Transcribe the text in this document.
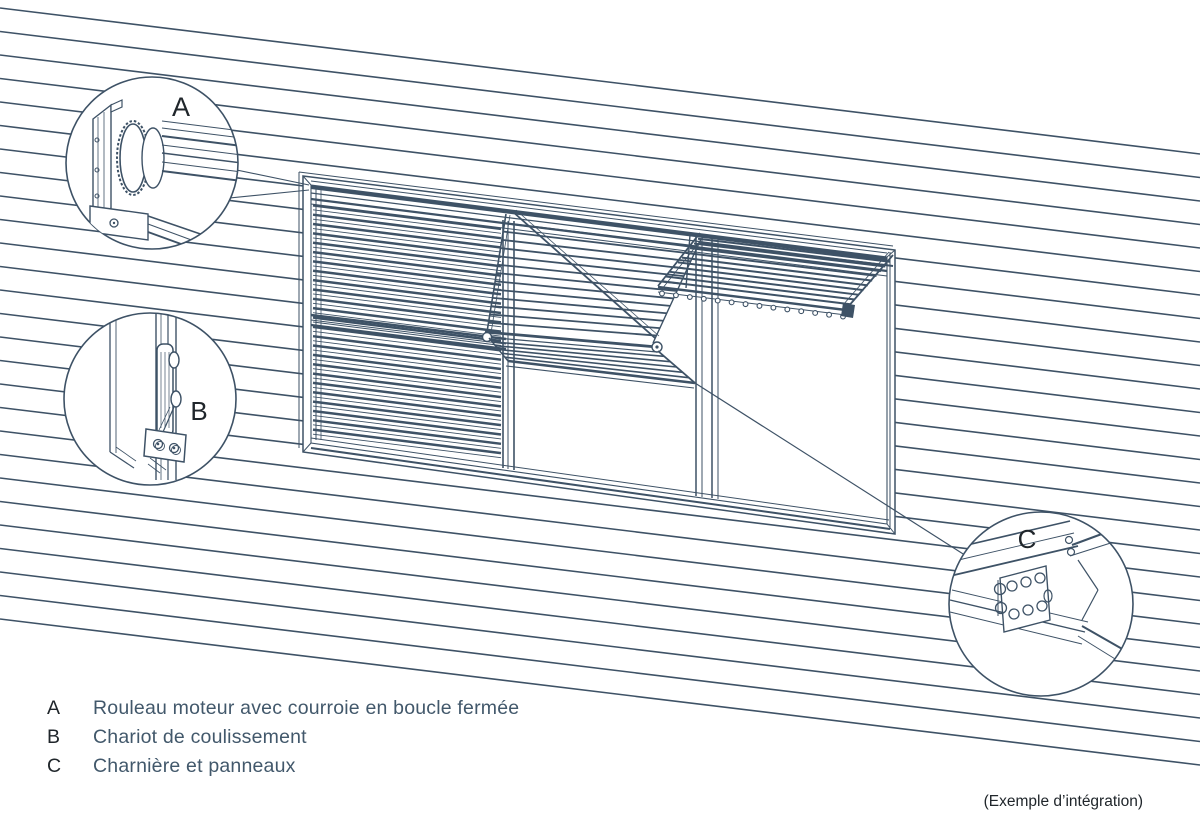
A
B
C
A	Rouleau moteur avec courroie en boucle fermée
B	Chariot de coulissement
C	Charnière et panneaux
(Exemple d’intégration)
